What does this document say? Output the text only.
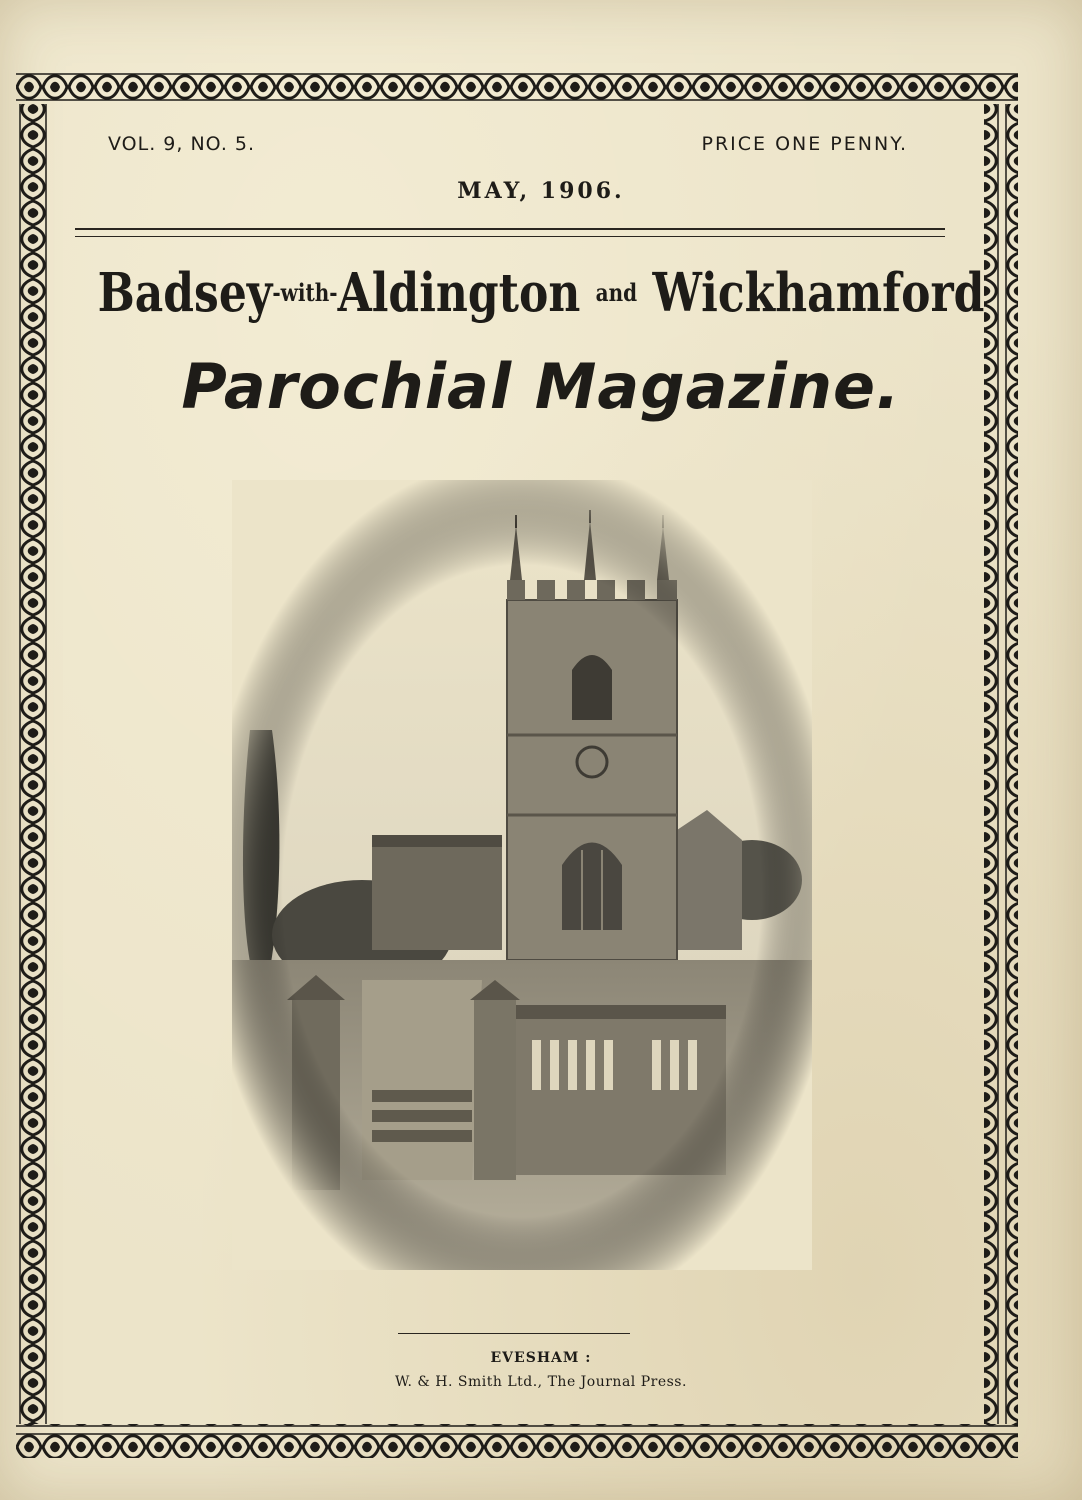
VOL. 9, NO. 5.	PRICE ONE PENNY.
MAY, 1906.
Badsey-with-Aldington and Wickhamford
Parochial Magazine.
EVESHAM :
W. & H. Smith Ltd., The Journal Press.
